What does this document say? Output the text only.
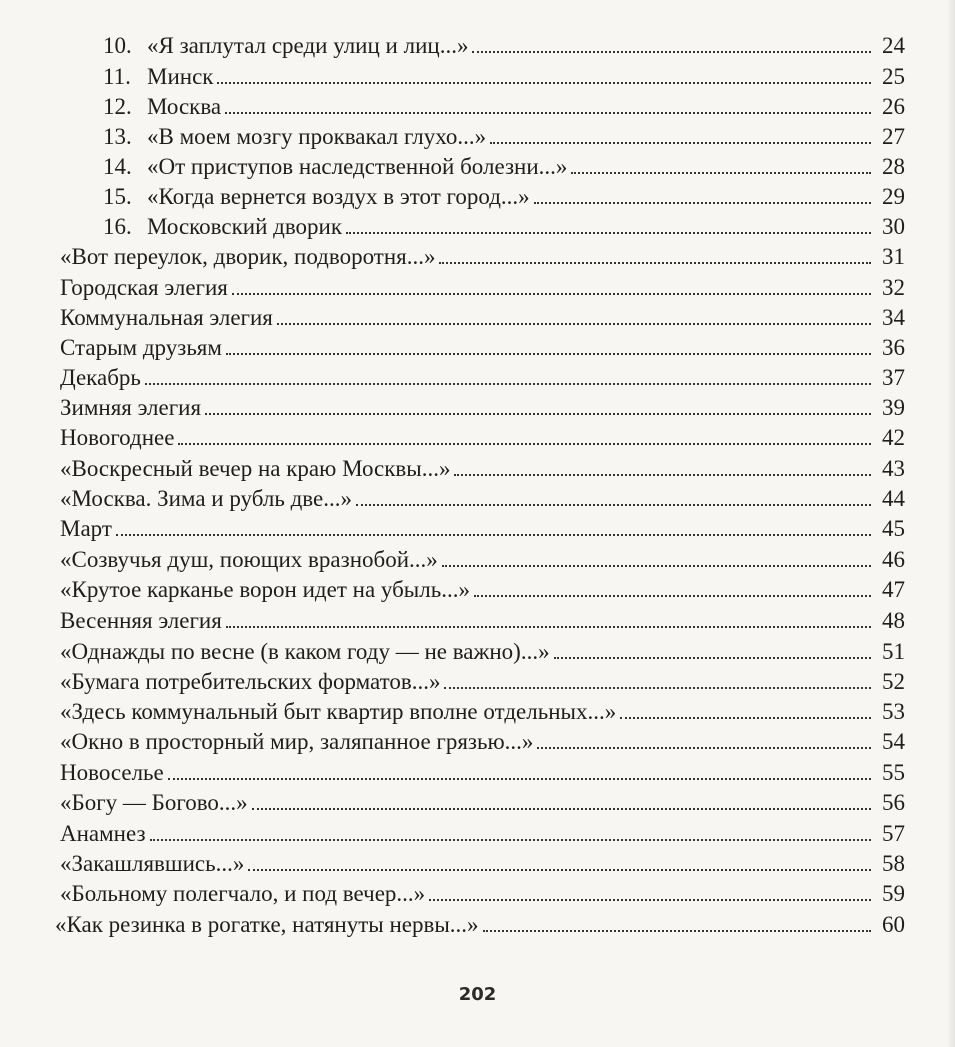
10. «Я заплутал среди улиц и лиц...»	24
11. Минск	25
12. Москва	26
13. «В моем мозгу проквакал глухо...»	27
14. «От приступов наследственной болезни...»	28
15. «Когда вернется воздух в этот город...»	29
16. Московский дворик	30
«Вот переулок, дворик, подворотня...»	31
Городская элегия	32
Коммунальная элегия	34
Старым друзьям	36
Декабрь	37
Зимняя элегия	39
Новогоднее	42
«Воскресный вечер на краю Москвы...»	43
«Москва. Зима и рубль две...»	44
Март	45
«Созвучья душ, поющих вразнобой...»	46
«Крутое карканье ворон идет на убыль...»	47
Весенняя элегия	48
«Однажды по весне (в каком году — не важно)...»	51
«Бумага потребительских форматов...»	52
«Здесь коммунальный быт квартир вполне отдельных...»	53
«Окно в просторный мир, заляпанное грязью...»	54
Новоселье	55
«Богу — Богово...»	56
Анамнез	57
«Закашлявшись...»	58
«Больному полегчало, и под вечер...»	59
«Как резинка в рогатке, натянуты нервы...»	60
202
